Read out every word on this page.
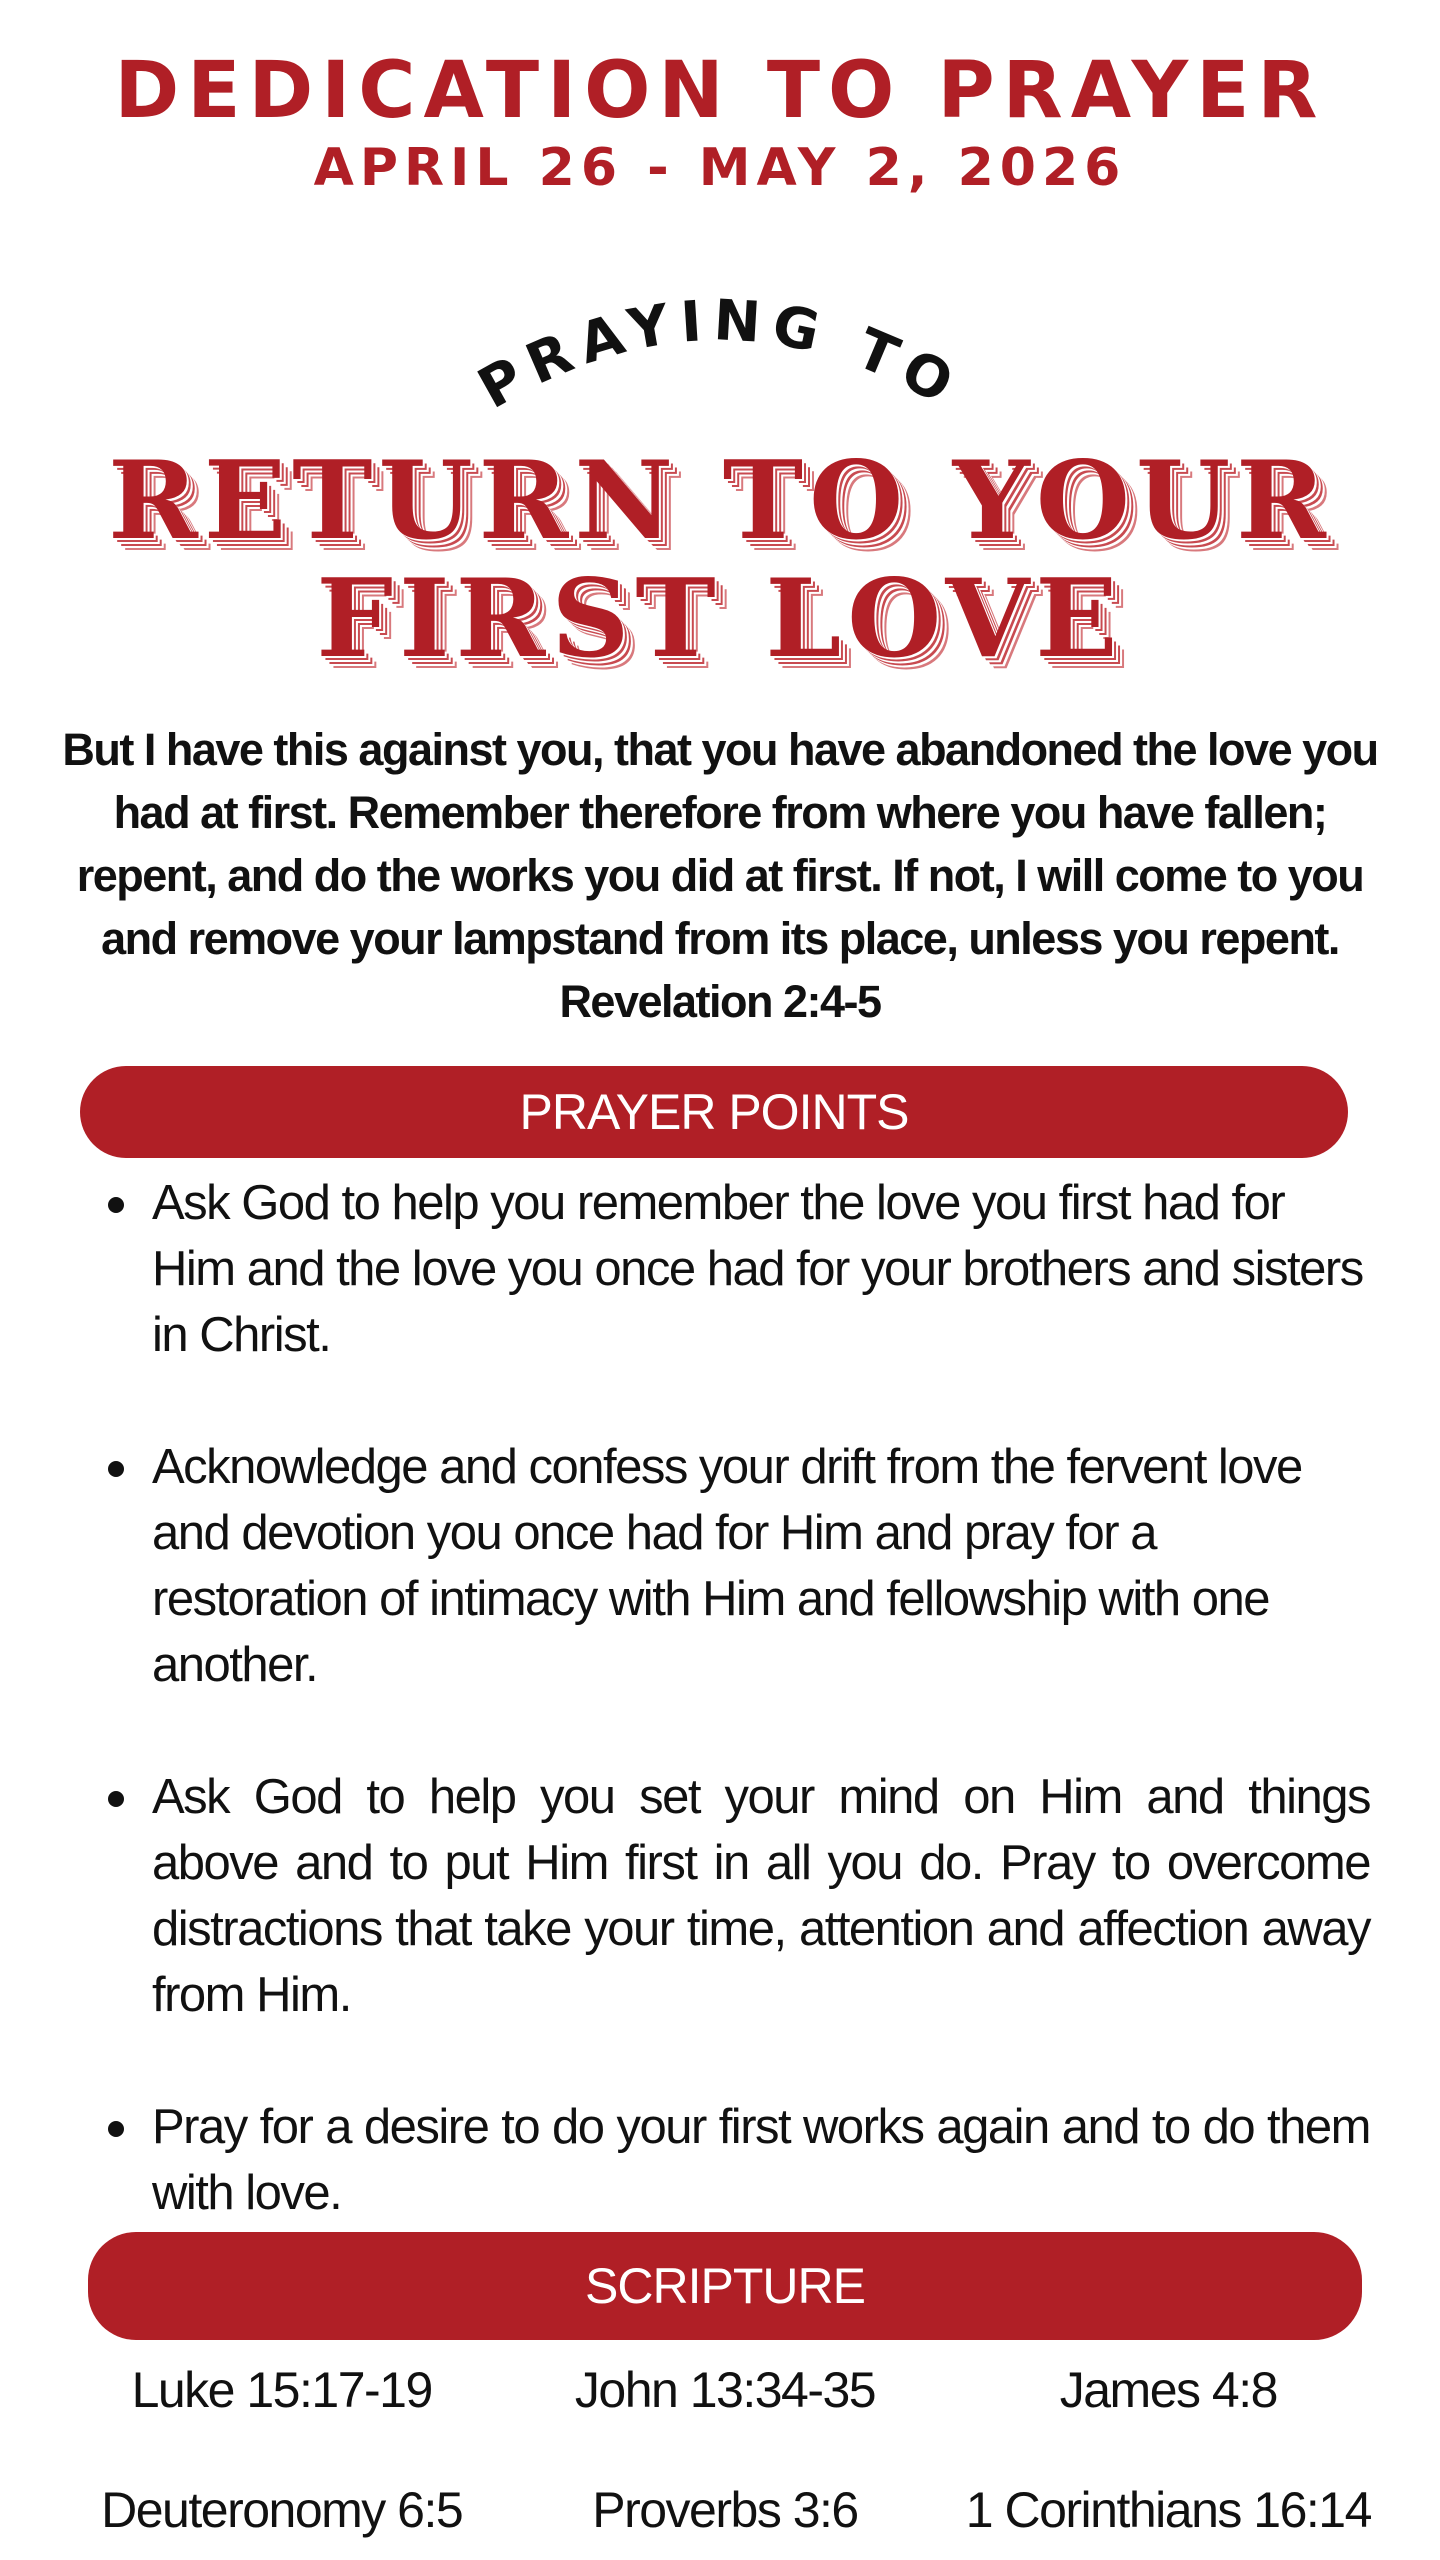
DEDICATION TO PRAYER
APRIL 26 - MAY 2, 2026
PRAYING TO
RETURN TO YOUR
FIRST LOVE
But I have this against you, that you have abandoned the love you had at first. Remember therefore from where you have fallen; repent, and do the works you did at first. If not, I will come to you and remove your lampstand from its place, unless you repent.
Revelation 2:4-5
PRAYER POINTS
Ask God to help you remember the love you first had for Him and the love you once had for your brothers and sisters in Christ.
Acknowledge and confess your drift from the fervent love and devotion you once had for Him and pray for a restoration of intimacy with Him and fellowship with one another.
Ask God to help you set your mind on Him and things above and to put Him first in all you do. Pray to overcome distractions that take your time, attention and affection away from Him.
Pray for a desire to do your first works again and to do them with love.
SCRIPTURE
Luke 15:17-19	John 13:34-35	James 4:8
Deuteronomy 6:5	Proverbs 3:6	1 Corinthians 16:14
